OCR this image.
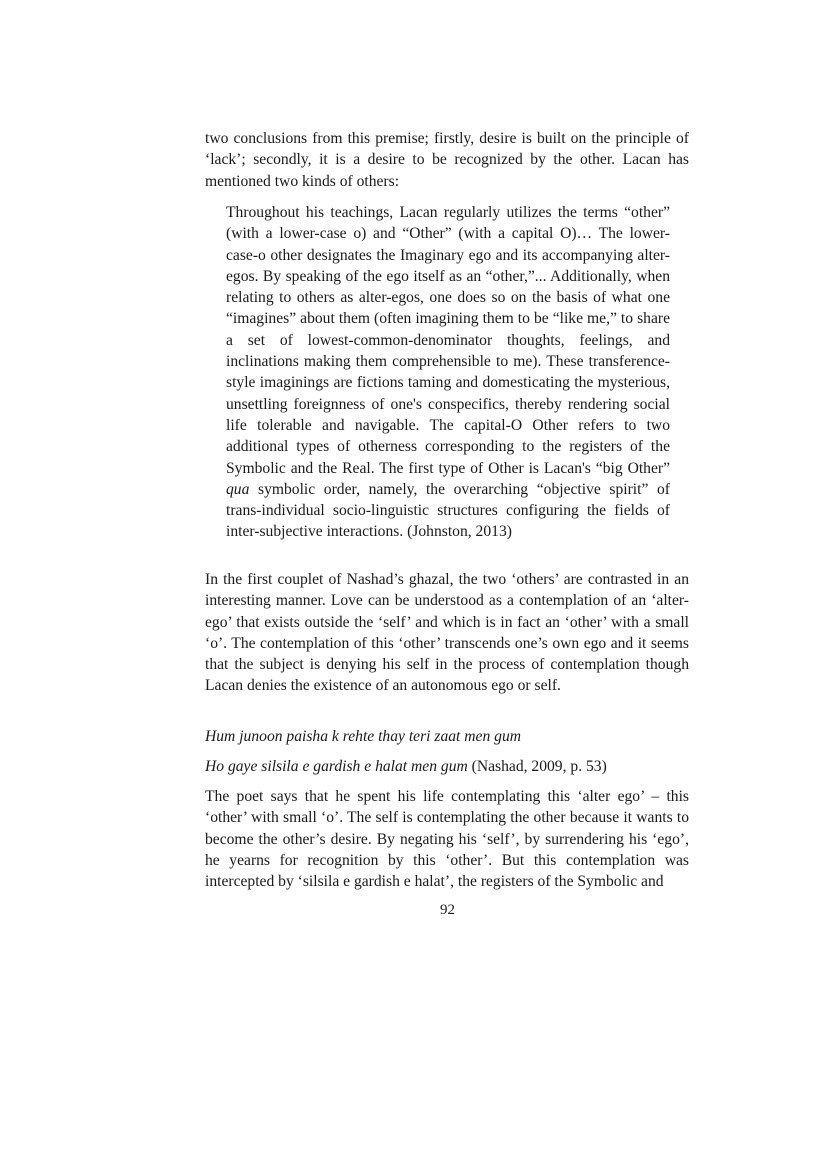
two conclusions from this premise; firstly, desire is built on the principle of ‘lack’; secondly, it is a desire to be recognized by the other. Lacan has mentioned two kinds of others:

Throughout his teachings, Lacan regularly utilizes the terms “other” (with a lower-case o) and “Other” (with a capital O)… The lower-case-o other designates the Imaginary ego and its accompanying alter-egos. By speaking of the ego itself as an “other,”... Additionally, when relating to others as alter-egos, one does so on the basis of what one “imagines” about them (often imagining them to be “like me,” to share a set of lowest-common-denominator thoughts, feelings, and inclinations making them comprehensible to me). These transference-style imaginings are fictions taming and domesticating the mysterious, unsettling foreignness of one's conspecifics, thereby rendering social life tolerable and navigable. The capital-O Other refers to two additional types of otherness corresponding to the registers of the Symbolic and the Real. The first type of Other is Lacan's “big Other” qua symbolic order, namely, the overarching “objective spirit” of trans-individual socio-linguistic structures configuring the fields of inter-subjective interactions. (Johnston, 2013)

In the first couplet of Nashad’s ghazal, the two ‘others’ are contrasted in an interesting manner. Love can be understood as a contemplation of an ‘alter-ego’ that exists outside the ‘self’ and which is in fact an ‘other’ with a small ‘o’. The contemplation of this ‘other’ transcends one’s own ego and it seems that the subject is denying his self in the process of contemplation though Lacan denies the existence of an autonomous ego or self.

Hum junoon paisha k rehte thay teri zaat men gum

Ho gaye silsila e gardish e halat men gum (Nashad, 2009, p. 53)

The poet says that he spent his life contemplating this ‘alter ego’ – this ‘other’ with small ‘o’. The self is contemplating the other because it wants to become the other’s desire. By negating his ‘self’, by surrendering his ‘ego’, he yearns for recognition by this ‘other’. But this contemplation was intercepted by ‘silsila e gardish e halat’, the registers of the Symbolic and

92
